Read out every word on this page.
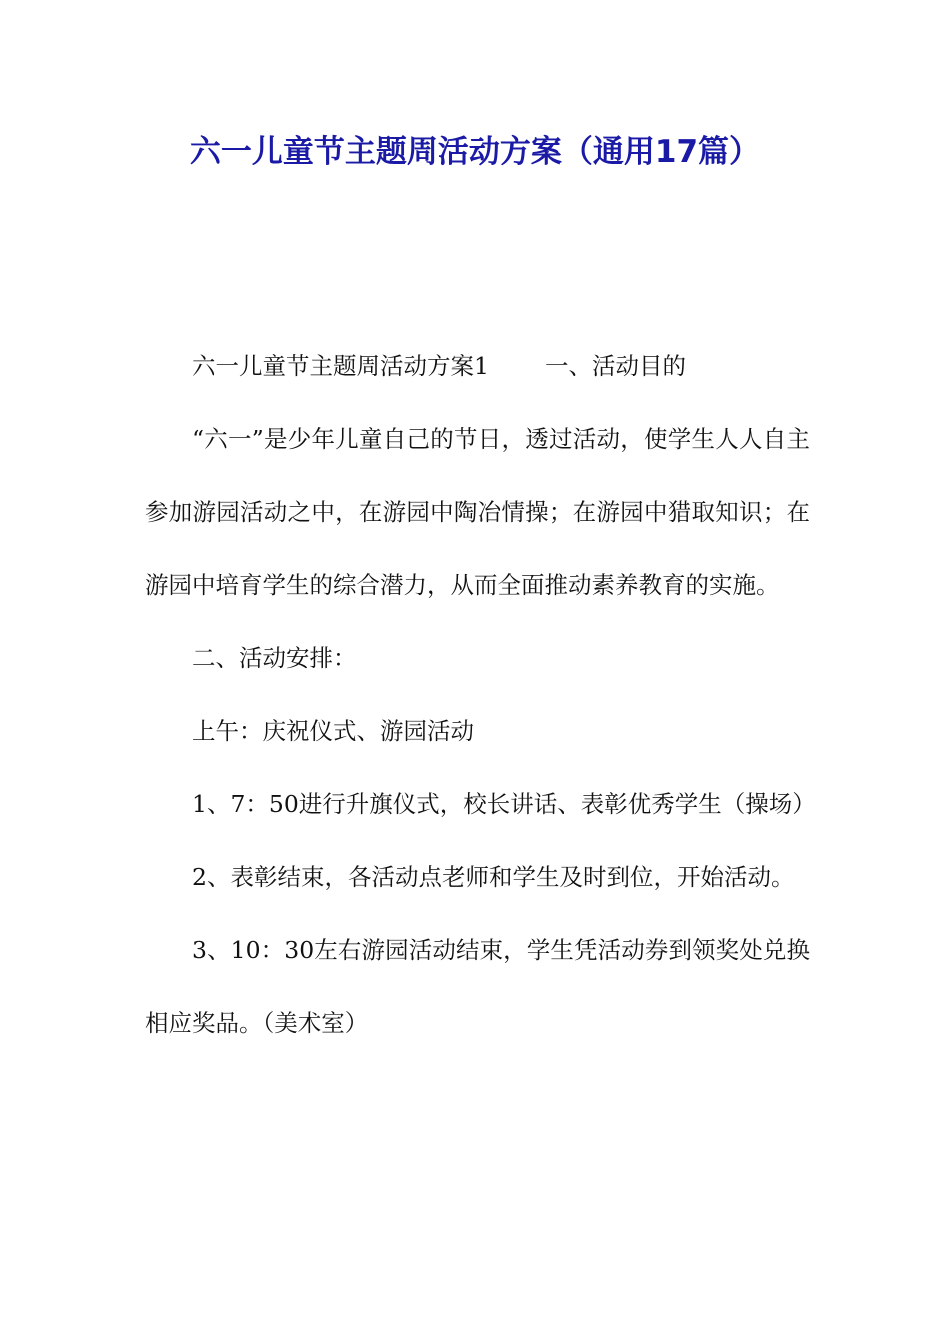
六一儿童节主题周活动方案（通用17篇）

六一儿童节主题周活动方案1 一、活动目的

“六一”是少年儿童自己的节日，透过活动，使学生人人自主参加游园活动之中，在游园中陶冶情操；在游园中猎取知识；在游园中培育学生的综合潜力，从而全面推动素养教育的实施。

二、活动安排：

上午：庆祝仪式、游园活动

1、7：50进行升旗仪式，校长讲话、表彰优秀学生（操场）

2、表彰结束，各活动点老师和学生及时到位，开始活动。

3、10：30左右游园活动结束，学生凭活动券到领奖处兑换相应奖品。（美术室）
